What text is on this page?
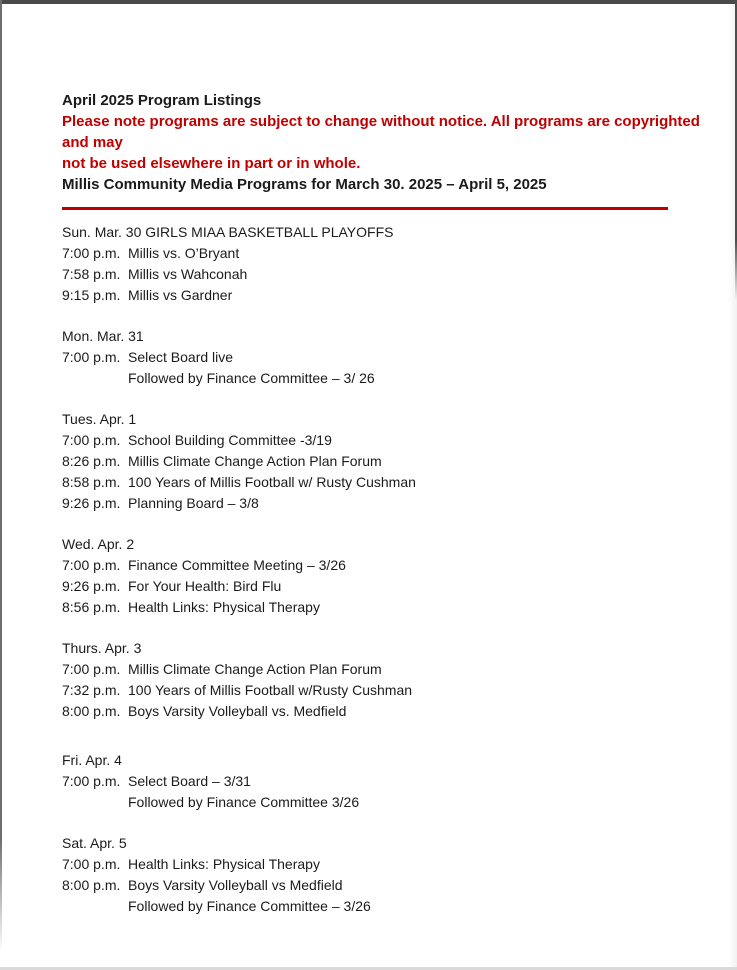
April 2025 Program Listings

Please note programs are subject to change without notice. All programs are copyrighted and may

not be used elsewhere in part or in whole.

Millis Community Media Programs for March 30. 2025 – April 5, 2025

Sun. Mar. 30 GIRLS MIAA BASKETBALL PLAYOFFS
7:00 p.m. Millis vs. O’Bryant
7:58 p.m. Millis vs Wahconah
9:15 p.m. Millis vs Gardner
Mon. Mar. 31
7:00 p.m. Select Board live
Followed by Finance Committee – 3/ 26
Tues. Apr. 1
7:00 p.m. School Building Committee -3/19
8:26 p.m. Millis Climate Change Action Plan Forum
8:58 p.m. 100 Years of Millis Football w/ Rusty Cushman
9:26 p.m. Planning Board – 3/8
Wed. Apr. 2
7:00 p.m. Finance Committee Meeting – 3/26
9:26 p.m. For Your Health: Bird Flu
8:56 p.m. Health Links: Physical Therapy
Thurs. Apr. 3
7:00 p.m. Millis Climate Change Action Plan Forum
7:32 p.m. 100 Years of Millis Football w/Rusty Cushman
8:00 p.m. Boys Varsity Volleyball vs. Medfield
Fri. Apr. 4
7:00 p.m. Select Board – 3/31
Followed by Finance Committee 3/26
Sat. Apr. 5
7:00 p.m. Health Links: Physical Therapy
8:00 p.m. Boys Varsity Volleyball vs Medfield
Followed by Finance Committee – 3/26
